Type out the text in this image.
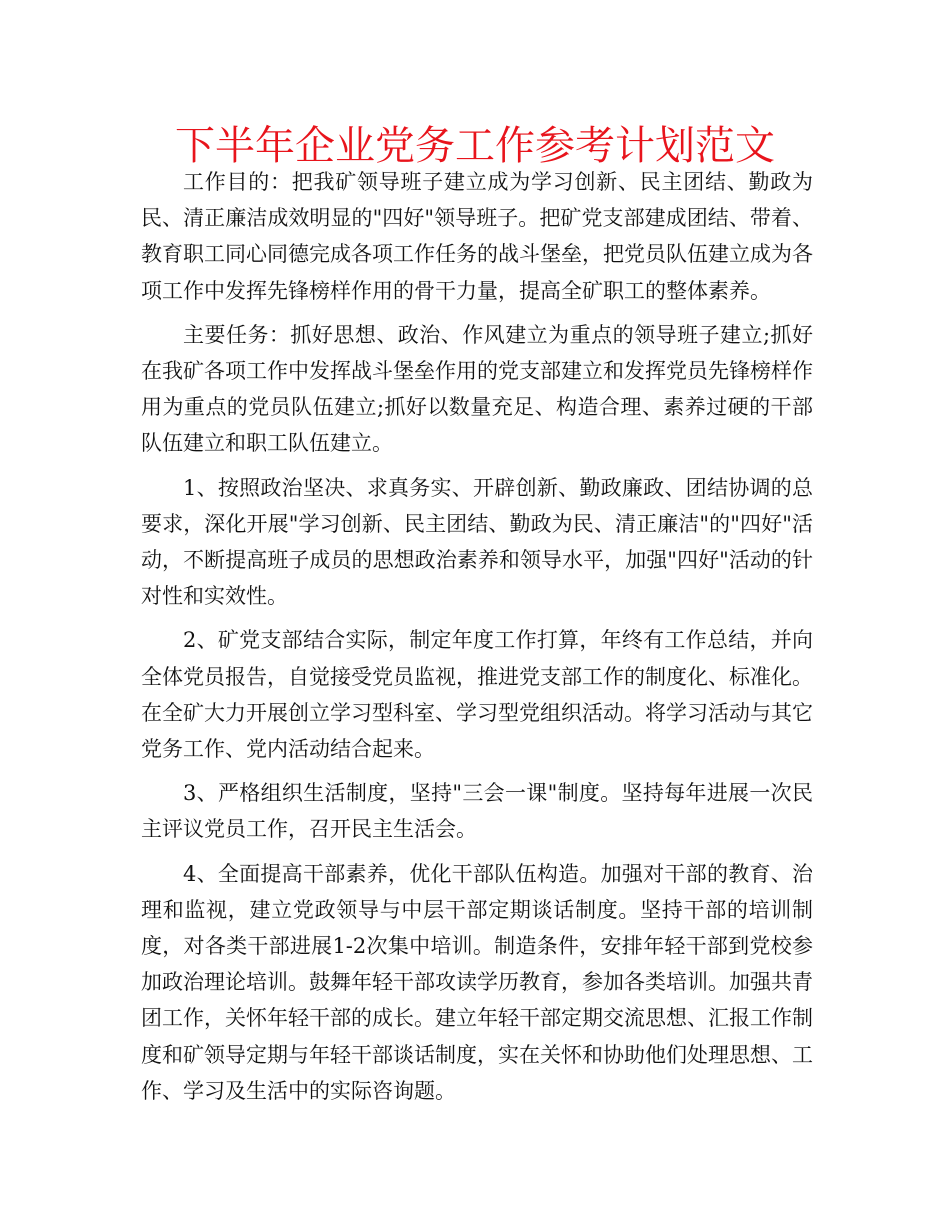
下半年企业党务工作参考计划范文

工作目的：把我矿领导班子建立成为学习创新、民主团结、勤政为民、清正廉洁成效明显的"四好"领导班子。把矿党支部建成团结、带着、教育职工同心同德完成各项工作任务的战斗堡垒，把党员队伍建立成为各项工作中发挥先锋榜样作用的骨干力量，提高全矿职工的整体素养。

主要任务：抓好思想、政治、作风建立为重点的领导班子建立;抓好在我矿各项工作中发挥战斗堡垒作用的党支部建立和发挥党员先锋榜样作用为重点的党员队伍建立;抓好以数量充足、构造合理、素养过硬的干部队伍建立和职工队伍建立。

1、按照政治坚决、求真务实、开辟创新、勤政廉政、团结协调的总要求，深化开展"学习创新、民主团结、勤政为民、清正廉洁"的"四好"活动，不断提高班子成员的思想政治素养和领导水平，加强"四好"活动的针对性和实效性。

2、矿党支部结合实际，制定年度工作打算，年终有工作总结，并向全体党员报告，自觉接受党员监视，推进党支部工作的制度化、标准化。在全矿大力开展创立学习型科室、学习型党组织活动。将学习活动与其它党务工作、党内活动结合起来。

3、严格组织生活制度，坚持"三会一课"制度。坚持每年进展一次民主评议党员工作，召开民主生活会。

4、全面提高干部素养，优化干部队伍构造。加强对干部的教育、治理和监视，建立党政领导与中层干部定期谈话制度。坚持干部的培训制度，对各类干部进展1-2次集中培训。制造条件，安排年轻干部到党校参加政治理论培训。鼓舞年轻干部攻读学历教育，参加各类培训。加强共青团工作，关怀年轻干部的成长。建立年轻干部定期交流思想、汇报工作制度和矿领导定期与年轻干部谈话制度，实在关怀和协助他们处理思想、工作、学习及生活中的实际咨询题。
